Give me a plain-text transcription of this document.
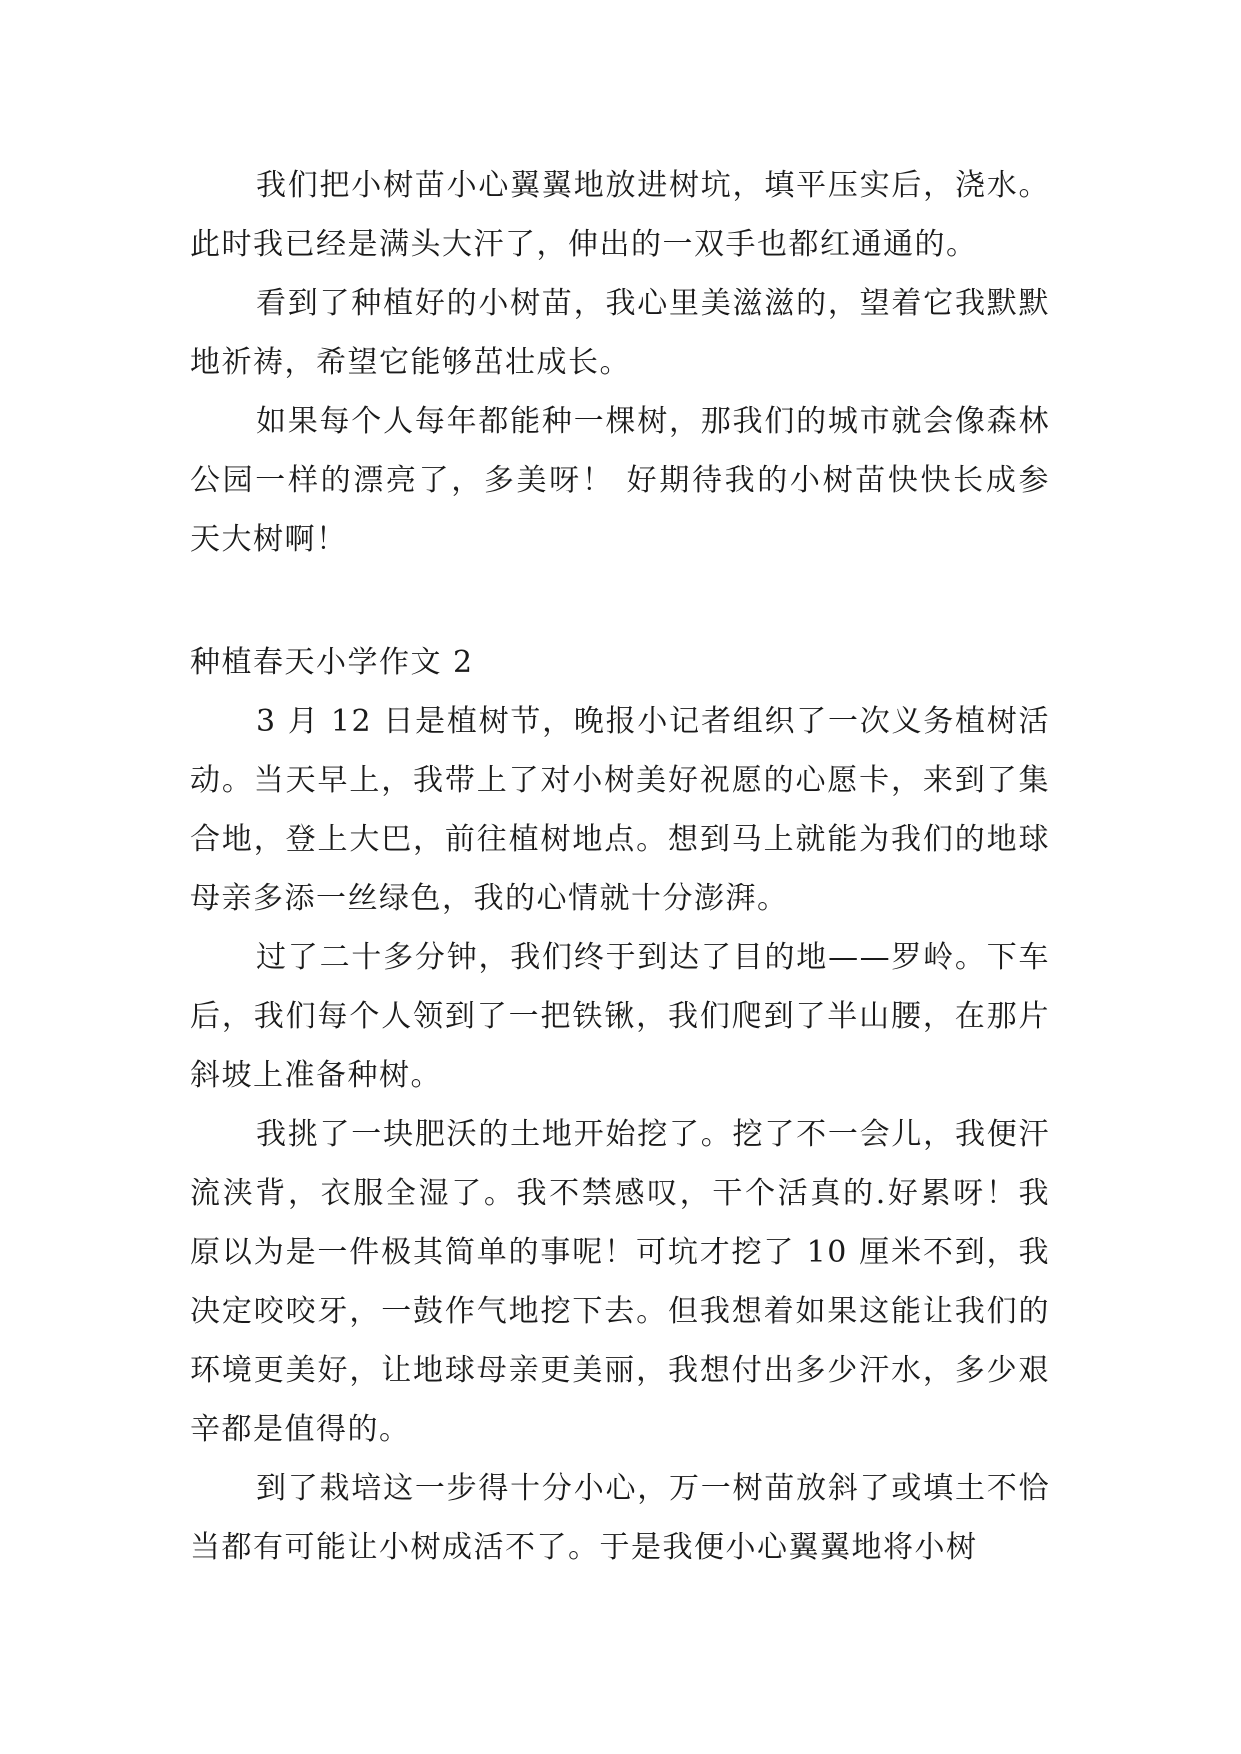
我们把小树苗小心翼翼地放进树坑，填平压实后，浇水。此时我已经是满头大汗了，伸出的一双手也都红通通的。

看到了种植好的小树苗，我心里美滋滋的，望着它我默默地祈祷，希望它能够茁壮成长。

如果每个人每年都能种一棵树，那我们的城市就会像森林公园一样的漂亮了，多美呀！ 好期待我的小树苗快快长成参天大树啊！

种植春天小学作文 2

3 月 12 日是植树节，晚报小记者组织了一次义务植树活动。当天早上，我带上了对小树美好祝愿的心愿卡，来到了集合地，登上大巴，前往植树地点。想到马上就能为我们的地球母亲多添一丝绿色，我的心情就十分澎湃。

过了二十多分钟，我们终于到达了目的地——罗岭。下车后，我们每个人领到了一把铁锹，我们爬到了半山腰，在那片斜坡上准备种树。

我挑了一块肥沃的土地开始挖了。挖了不一会儿，我便汗流浃背，衣服全湿了。我不禁感叹，干个活真的.好累呀！我原以为是一件极其简单的事呢！可坑才挖了 10 厘米不到，我决定咬咬牙，一鼓作气地挖下去。但我想着如果这能让我们的环境更美好，让地球母亲更美丽，我想付出多少汗水，多少艰辛都是值得的。

到了栽培这一步得十分小心，万一树苗放斜了或填土不恰当都有可能让小树成活不了。于是我便小心翼翼地将小树
